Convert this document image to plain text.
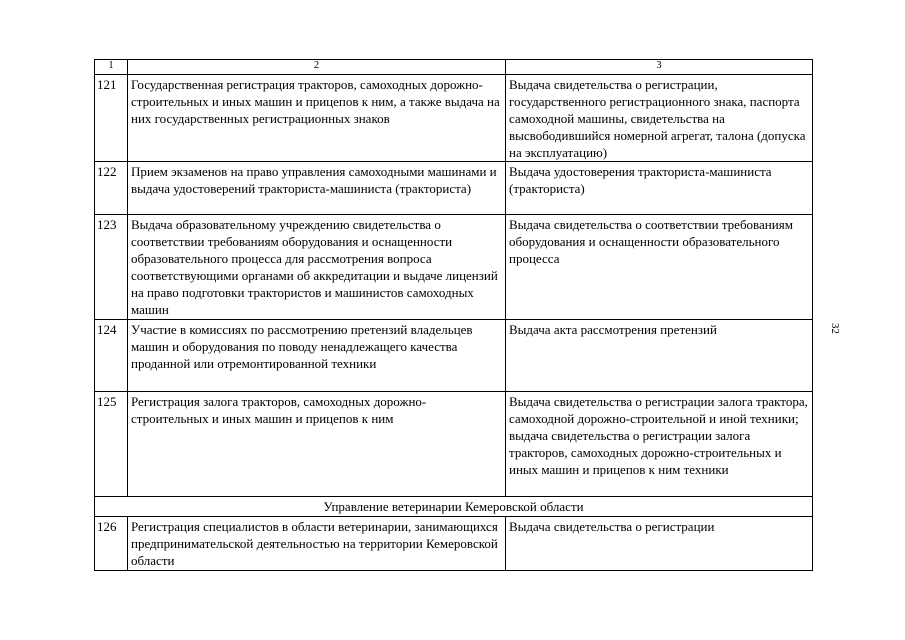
1	2	3
121	Государственная регистрация тракторов, самоходных дорожно-строительных и иных машин и прицепов к ним, а также выдача на них государственных регистрационных знаков	Выдача свидетельства о регистрации, государственного регистрационного знака, паспорта самоходной машины, свидетельства на высвободившийся номерной агрегат, талона (допуска на эксплуатацию)
122	Прием экзаменов на право управления самоходными машинами и выдача удостоверений тракториста-машиниста (тракториста)	Выдача удостоверения тракториста-машиниста (тракториста)
123	Выдача образовательному учреждению свидетельства о соответствии требованиям оборудования и оснащенности образовательного процесса для рассмотрения вопроса соответствующими органами об аккредитации и выдаче лицензий на право подготовки трактористов и машинистов самоходных машин	Выдача свидетельства о соответствии требованиям оборудования и оснащенности образовательного процесса
124	Участие в комиссиях по рассмотрению претензий владельцев машин и оборудования по поводу ненадлежащего качества проданной или отремонтированной техники	Выдача акта рассмотрения претензий
125	Регистрация залога тракторов, самоходных дорожно-строительных и иных машин и прицепов к ним	Выдача свидетельства о регистрации залога трактора, самоходной дорожно-строительной и иной техники; выдача свидетельства о регистрации залога тракторов, самоходных дорожно-строительных и иных машин и прицепов к ним техники
Управление ветеринарии Кемеровской области		
126	Регистрация специалистов в области ветеринарии, занимающихся предпринимательской деятельностью на территории Кемеровской области	Выдача свидетельства о регистрации
32
